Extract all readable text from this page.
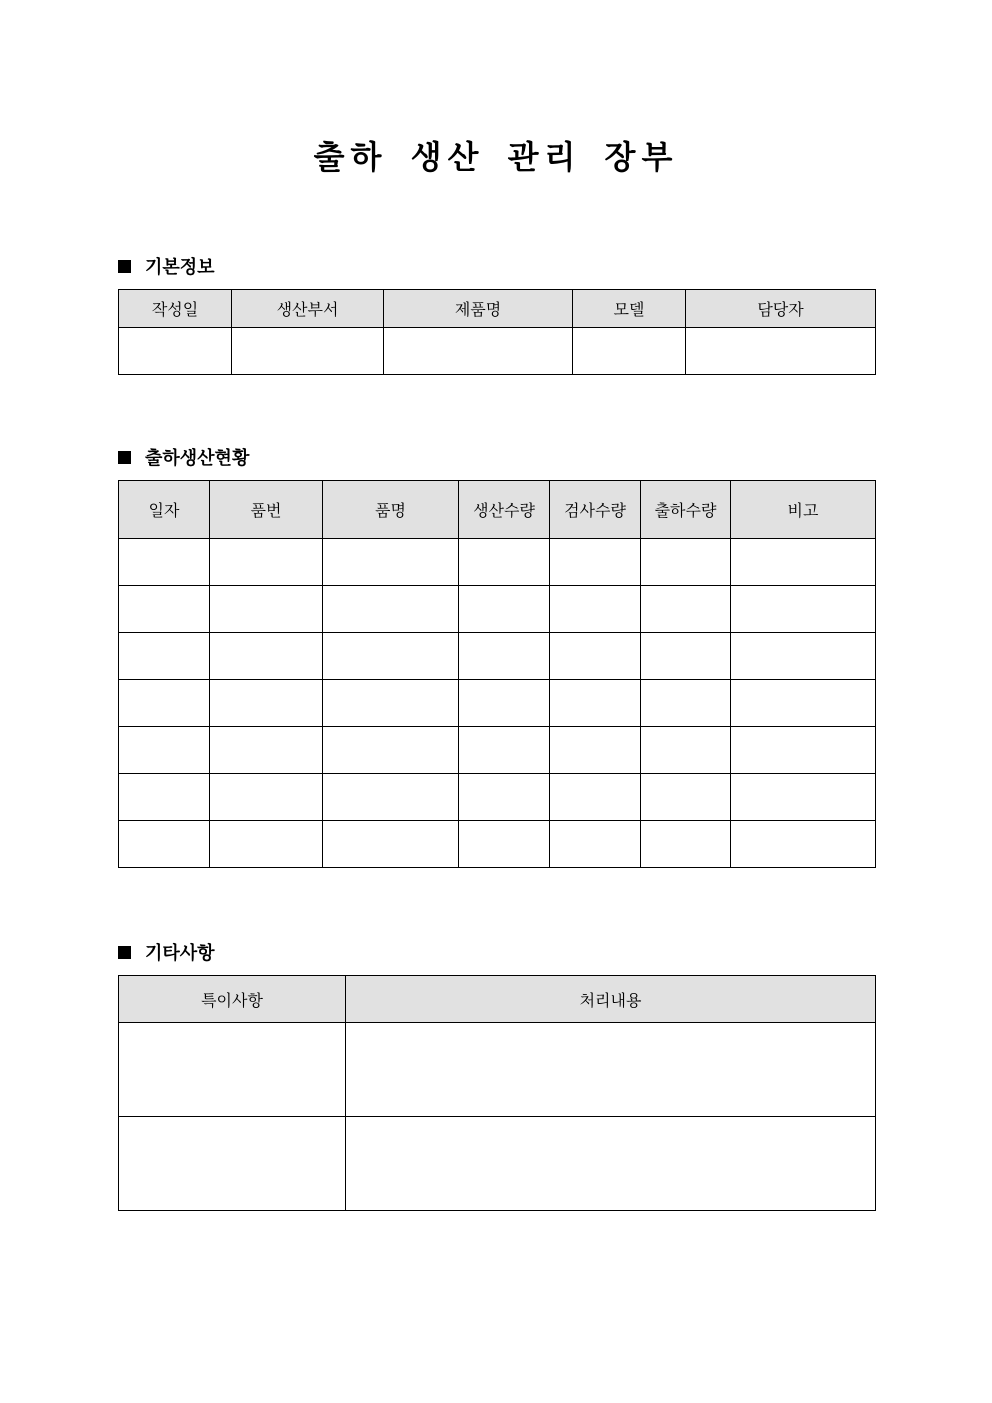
출하 생산 관리 장부
기본정보
작성일	생산부서	제품명	모델	담당자

출하생산현황
일자	품번	품명	생산수량	검사수량	출하수량	비고

기타사항
특이사항	처리내용
